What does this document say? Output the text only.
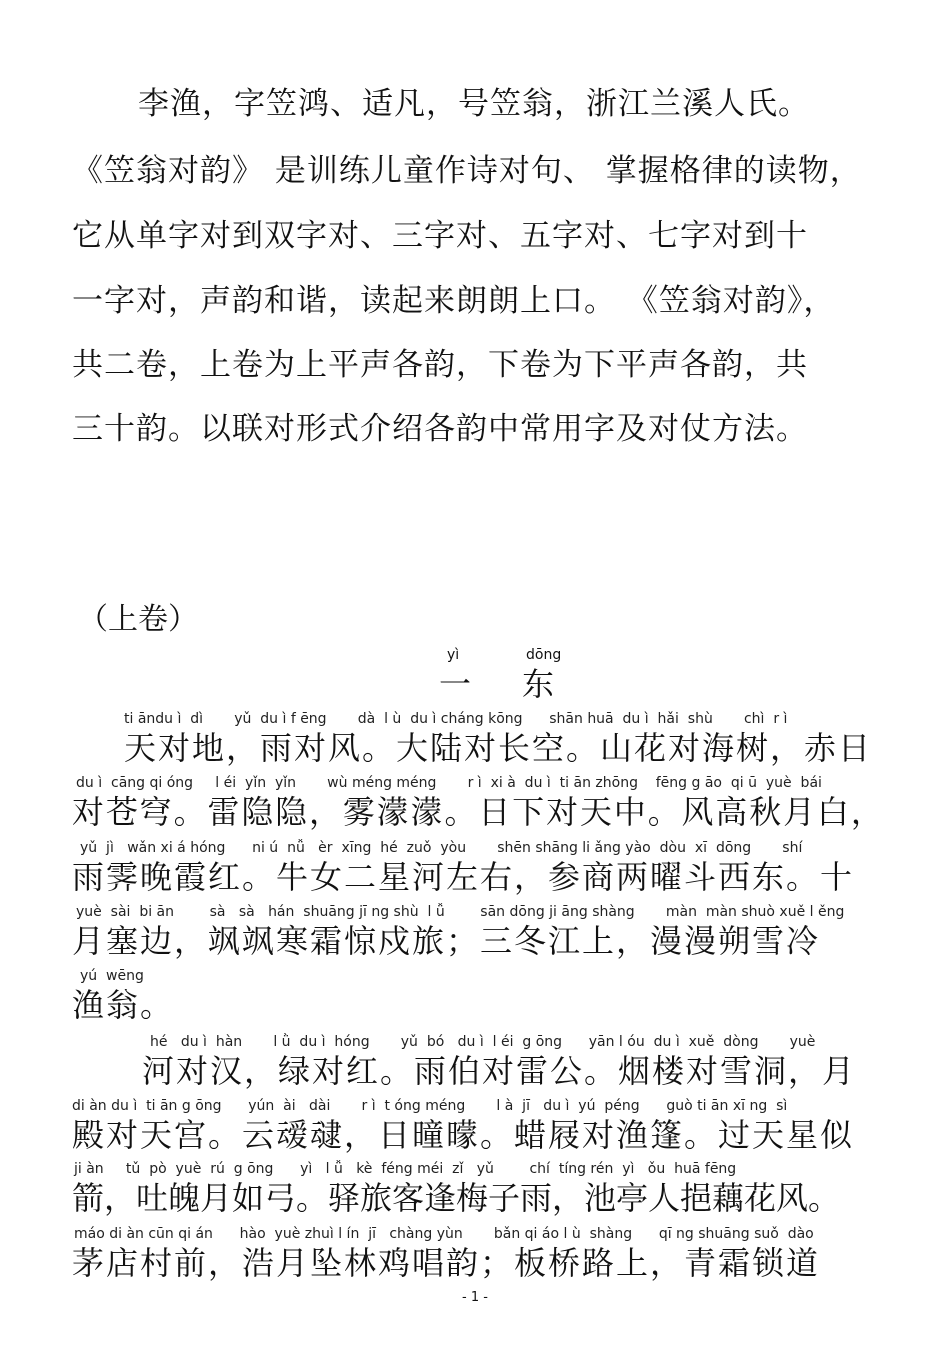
李渔，字笠鸿、适凡，号笠翁，浙江兰溪人氏。
《笠翁对韵》 是训练儿童作诗对句、 掌握格律的读物，
它从单字对到双字对、三字对、五字对、七字对到十
一字对，声韵和谐，读起来朗朗上口。 《笠翁对韵》，
共二卷，上卷为上平声各韵，下卷为下平声各韵，共
三十韵。以联对形式介绍各韵中常用字及对仗方法。
（上卷）
yì	dōng
一 东
ti āndu ì  dì       yǔ  du ì f ēng       dà  l ù  du ì cháng kōng      shān huā  du ì  hǎi  shù       chì  r ì
天对地，雨对风。大陆对长空。山花对海树，赤日
du ì  cāng qi óng     l éi  yǐn  yǐn       wù méng méng       r ì  xi à  du ì  ti ān zhōng    fēng g āo  qi ū  yuè  bái
对苍穹。雷隐隐，雾濛濛。日下对天中。风高秋月白，
yǔ  jì   wǎn xi á hóng      ni ú  nǚ   èr  xīng  hé  zuǒ  yòu       shēn shāng li ǎng yào  dòu  xī  dōng       shí
雨霁晚霞红。牛女二星河左右，参商两曜斗西东。十
yuè  sài  bi ān        sà   sà   hán  shuāng jī ng shù  l ǚ        sān dōng ji āng shàng       màn  màn shuò xuě l ěng
月塞边，飒飒寒霜惊戍旅；三冬江上，漫漫朔雪冷
yú  wēng
渔翁。
hé   du ì  hàn       l ǜ  du ì  hóng       yǔ  bó   du ì  l éi  g ōng      yān l óu  du ì  xuě  dòng       yuè
河对汉，绿对红。雨伯对雷公。烟楼对雪洞，月
di àn du ì  ti ān g ōng      yún  ài   dài       r ì  t óng méng       l à  jī   du ì  yú  péng      guò ti ān xī ng  sì
殿对天宫。云叆叇，日曈曚。蜡屐对渔篷。过天星似
ji àn     tǔ  pò  yuè  rú  g ōng      yì   l ǚ   kè  féng méi  zǐ   yǔ        chí  tíng rén  yì   ǒu  huā fēng
箭，吐魄月如弓。驿旅客逢梅子雨，池亭人挹藕花风。
máo di àn cūn qi án      hào  yuè zhuì l ín  jī   chàng yùn       bǎn qi áo l ù  shàng      qī ng shuāng suǒ  dào
茅店村前，浩月坠林鸡唱韵；板桥路上，青霜锁道
- 1 -
